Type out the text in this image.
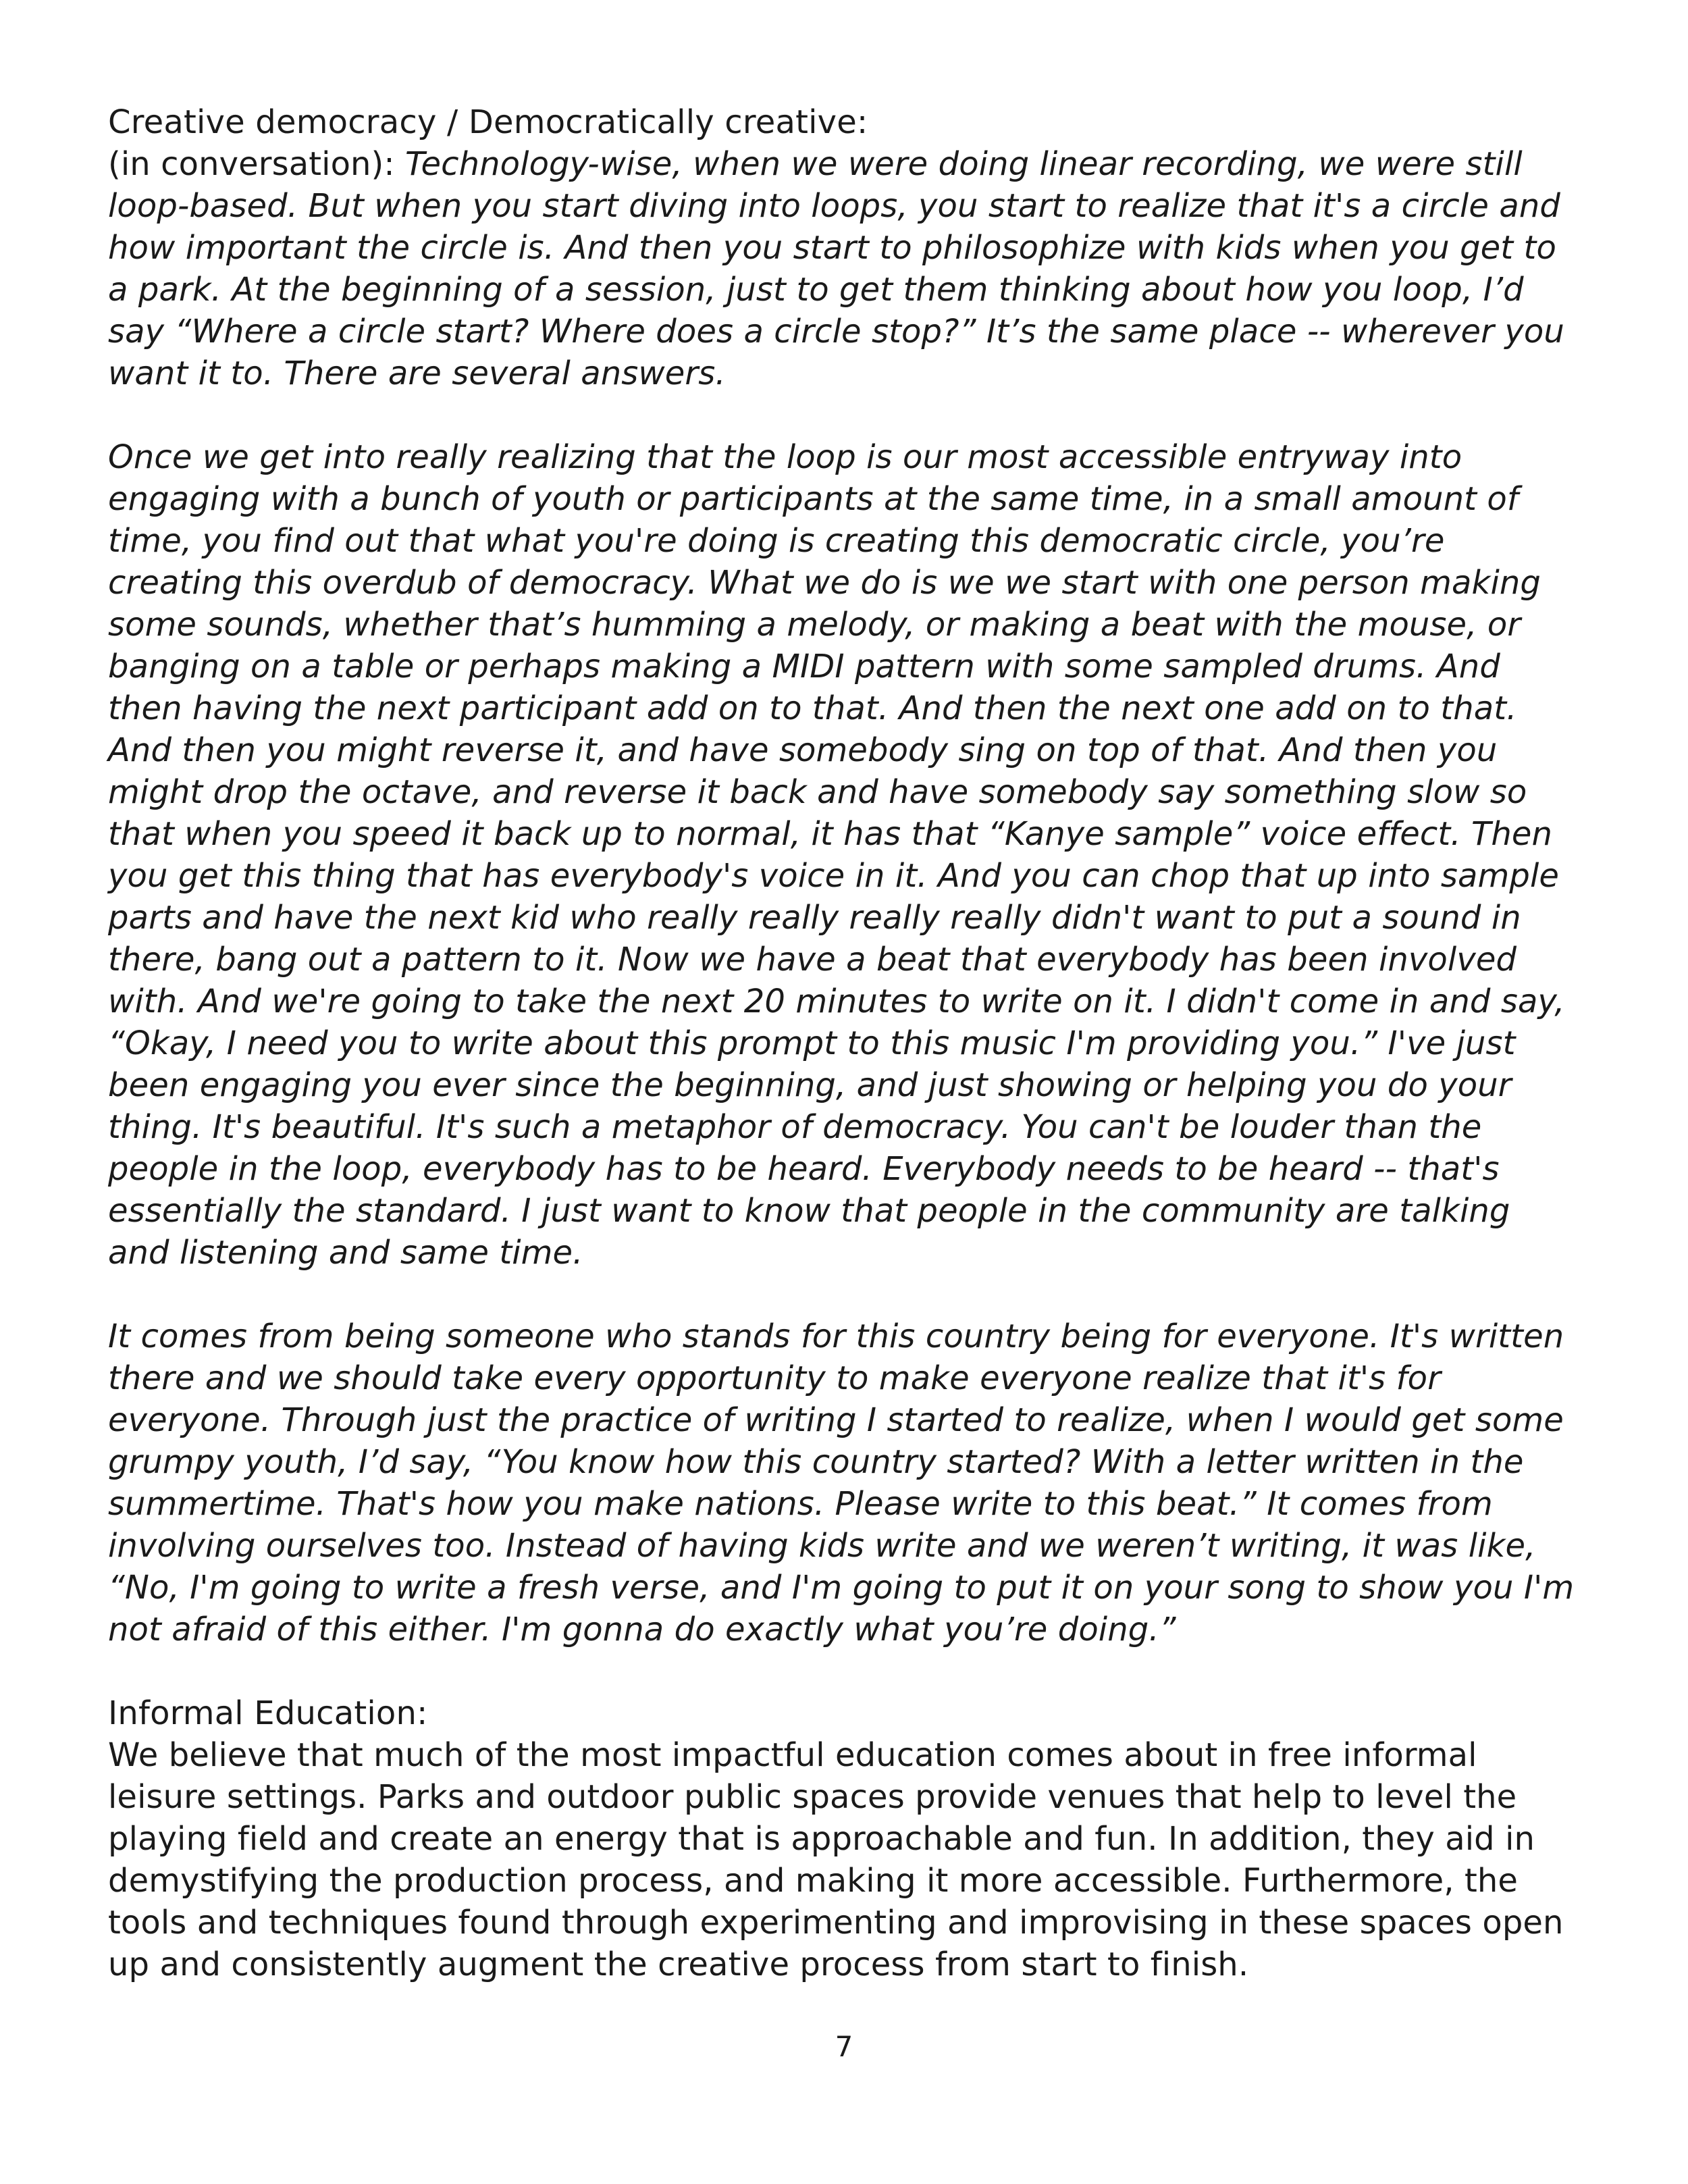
Creative democracy / Democratically creative:

(in conversation): Technology-wise, when we were doing linear recording, we were still loop-based. But when you start diving into loops, you start to realize that it's a circle and how important the circle is. And then you start to philosophize with kids when you get to a park. At the beginning of a session, just to get them thinking about how you loop, I’d say “Where a circle start? Where does a circle stop?” It’s the same place -- wherever you want it to. There are several answers.

Once we get into really realizing that the loop is our most accessible entryway into engaging with a bunch of youth or participants at the same time, in a small amount of time, you find out that what you're doing is creating this democratic circle, you’re creating this overdub of democracy. What we do is we we start with one person making some sounds, whether that’s humming a melody, or making a beat with the mouse, or banging on a table or perhaps making a MIDI pattern with some sampled drums. And then having the next participant add on to that. And then the next one add on to that. And then you might reverse it, and have somebody sing on top of that. And then you might drop the octave, and reverse it back and have somebody say something slow so that when you speed it back up to normal, it has that “Kanye sample” voice effect. Then you get this thing that has everybody's voice in it. And you can chop that up into sample parts and have the next kid who really really really really didn't want to put a sound in there, bang out a pattern to it. Now we have a beat that everybody has been involved with. And we're going to take the next 20 minutes to write on it. I didn't come in and say, “Okay, I need you to write about this prompt to this music I'm providing you.” I've just been engaging you ever since the beginning, and just showing or helping you do your thing. It's beautiful. It's such a metaphor of democracy. You can't be louder than the people in the loop, everybody has to be heard. Everybody needs to be heard -- that's essentially the standard. I just want to know that people in the community are talking and listening and same time.

It comes from being someone who stands for this country being for everyone. It's written there and we should take every opportunity to make everyone realize that it's for everyone. Through just the practice of writing I started to realize, when I would get some grumpy youth, I’d say, “You know how this country started? With a letter written in the summertime. That's how you make nations. Please write to this beat.” It comes from involving ourselves too. Instead of having kids write and we weren’t writing, it was like, “No, I'm going to write a fresh verse, and I'm going to put it on your song to show you I'm not afraid of this either. I'm gonna do exactly what you’re doing.”

Informal Education:

We believe that much of the most impactful education comes about in free informal leisure settings. Parks and outdoor public spaces provide venues that help to level the playing field and create an energy that is approachable and fun. In addition, they aid in demystifying the production process, and making it more accessible. Furthermore, the tools and techniques found through experimenting and improvising in these spaces open up and consistently augment the creative process from start to finish.

7
